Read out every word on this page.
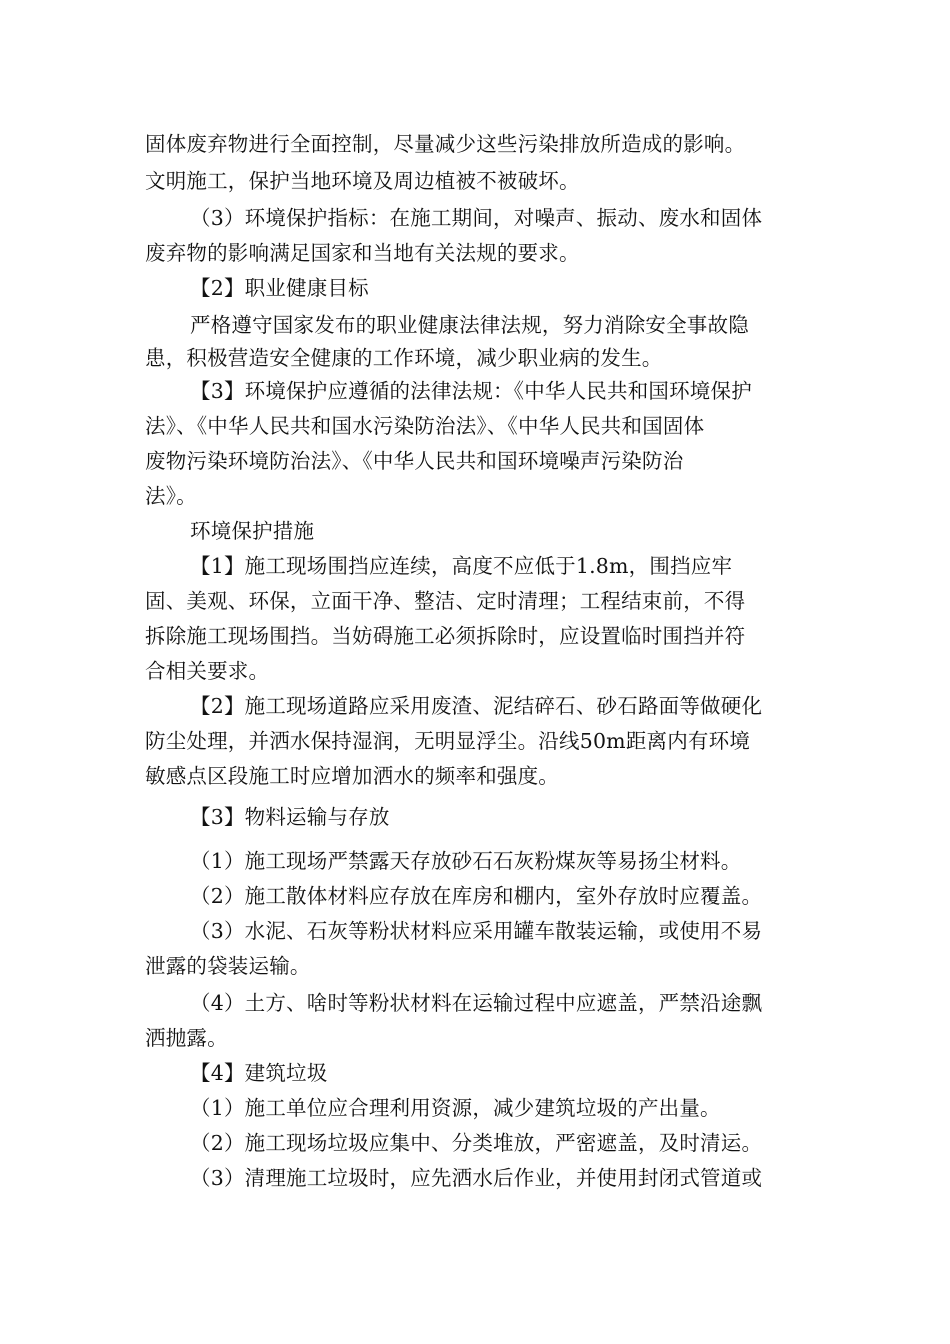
固体废弃物进行全面控制，尽量减少这些污染排放所造成的影响。
文明施工，保护当地环境及周边植被不被破坏。
（3）环境保护指标：在施工期间，对噪声、振动、废水和固体
废弃物的影响满足国家和当地有关法规的要求。
【2】职业健康目标
严格遵守国家发布的职业健康法律法规，努力消除安全事故隐
患，积极营造安全健康的工作环境，减少职业病的发生。
【3】环境保护应遵循的法律法规：《中华人民共和国环境保护
法》、《中华人民共和国水污染防治法》、《中华人民共和国固体
废物污染环境防治法》、《中华人民共和国环境噪声污染防治
法》。
环境保护措施
【1】施工现场围挡应连续，高度不应低于1.8m，围挡应牢
固、美观、环保，立面干净、整洁、定时清理；工程结束前，不得
拆除施工现场围挡。当妨碍施工必须拆除时，应设置临时围挡并符
合相关要求。
【2】施工现场道路应采用废渣、泥结碎石、砂石路面等做硬化
防尘处理，并洒水保持湿润，无明显浮尘。沿线50m距离内有环境
敏感点区段施工时应增加洒水的频率和强度。
【3】物料运输与存放
（1）施工现场严禁露天存放砂石石灰粉煤灰等易扬尘材料。
（2）施工散体材料应存放在库房和棚内，室外存放时应覆盖。
（3）水泥、石灰等粉状材料应采用罐车散装运输，或使用不易
泄露的袋装运输。
（4）土方、啥时等粉状材料在运输过程中应遮盖，严禁沿途飘
洒抛露。
【4】建筑垃圾
（1）施工单位应合理利用资源，减少建筑垃圾的产出量。
（2）施工现场垃圾应集中、分类堆放，严密遮盖，及时清运。
（3）清理施工垃圾时，应先洒水后作业，并使用封闭式管道或
